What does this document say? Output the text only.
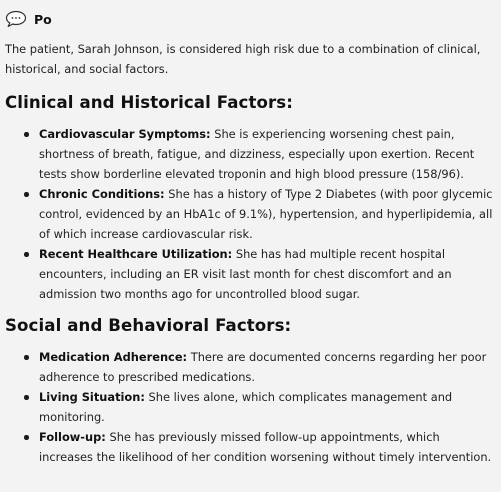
Po

The patient, Sarah Johnson, is considered high risk due to a combination of clinical, historical, and social factors.

Clinical and Historical Factors:
Cardiovascular Symptoms: She is experiencing worsening chest pain, shortness of breath, fatigue, and dizziness, especially upon exertion. Recent tests show borderline elevated troponin and high blood pressure (158/96).
Chronic Conditions: She has a history of Type 2 Diabetes (with poor glycemic control, evidenced by an HbA1c of 9.1%), hypertension, and hyperlipidemia, all of which increase cardiovascular risk.
Recent Healthcare Utilization: She has had multiple recent hospital encounters, including an ER visit last month for chest discomfort and an admission two months ago for uncontrolled blood sugar.
Social and Behavioral Factors:
Medication Adherence: There are documented concerns regarding her poor adherence to prescribed medications.
Living Situation: She lives alone, which complicates management and monitoring.
Follow-up: She has previously missed follow-up appointments, which increases the likelihood of her condition worsening without timely intervention.
